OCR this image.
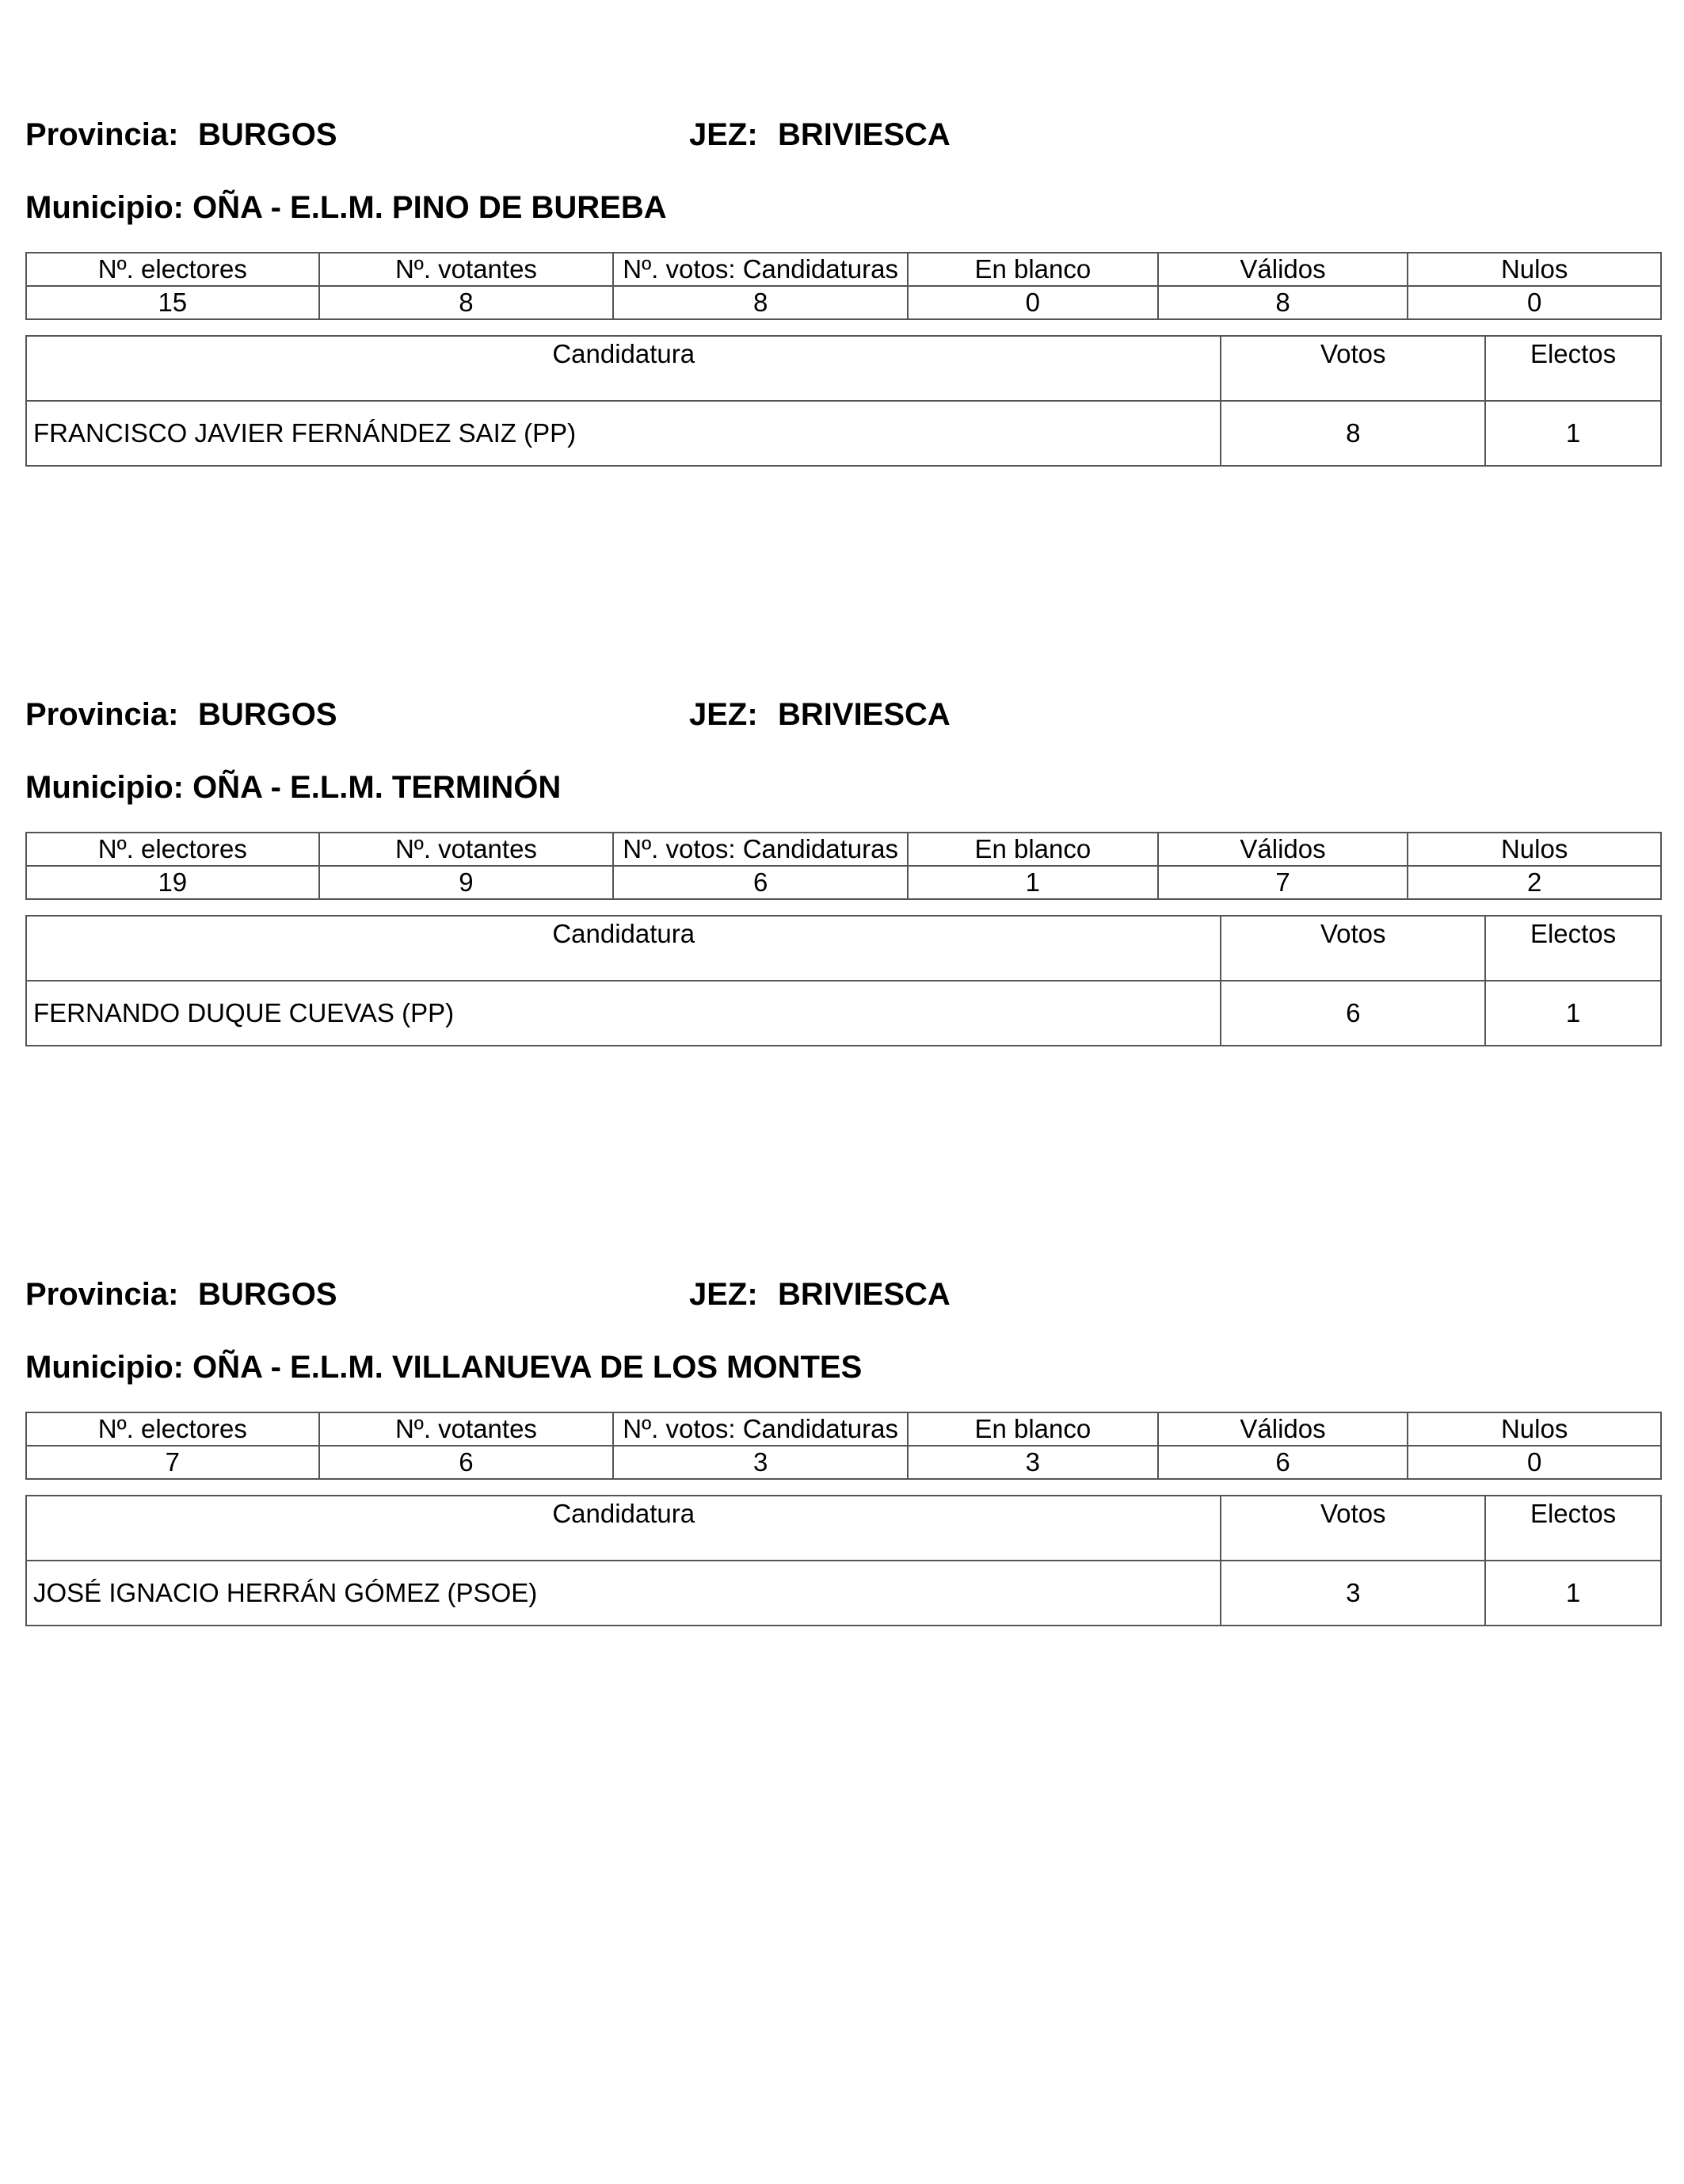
Provincia: BURGOS	JEZ: BRIVIESCA
Municipio: OÑA - E.L.M. PINO DE BUREBA
Nº. electores	Nº. votantes	Nº. votos: Candidaturas	En blanco	Válidos	Nulos
15	8	8	0	8	0
Candidatura	Votos	Electos
FRANCISCO JAVIER FERNÁNDEZ SAIZ (PP)	8	1
Provincia: BURGOS	JEZ: BRIVIESCA
Municipio: OÑA - E.L.M. TERMINÓN
Nº. electores	Nº. votantes	Nº. votos: Candidaturas	En blanco	Válidos	Nulos
19	9	6	1	7	2
Candidatura	Votos	Electos
FERNANDO DUQUE CUEVAS (PP)	6	1
Provincia: BURGOS	JEZ: BRIVIESCA
Municipio: OÑA - E.L.M. VILLANUEVA DE LOS MONTES
Nº. electores	Nº. votantes	Nº. votos: Candidaturas	En blanco	Válidos	Nulos
7	6	3	3	6	0
Candidatura	Votos	Electos
JOSÉ IGNACIO HERRÁN GÓMEZ (PSOE)	3	1
